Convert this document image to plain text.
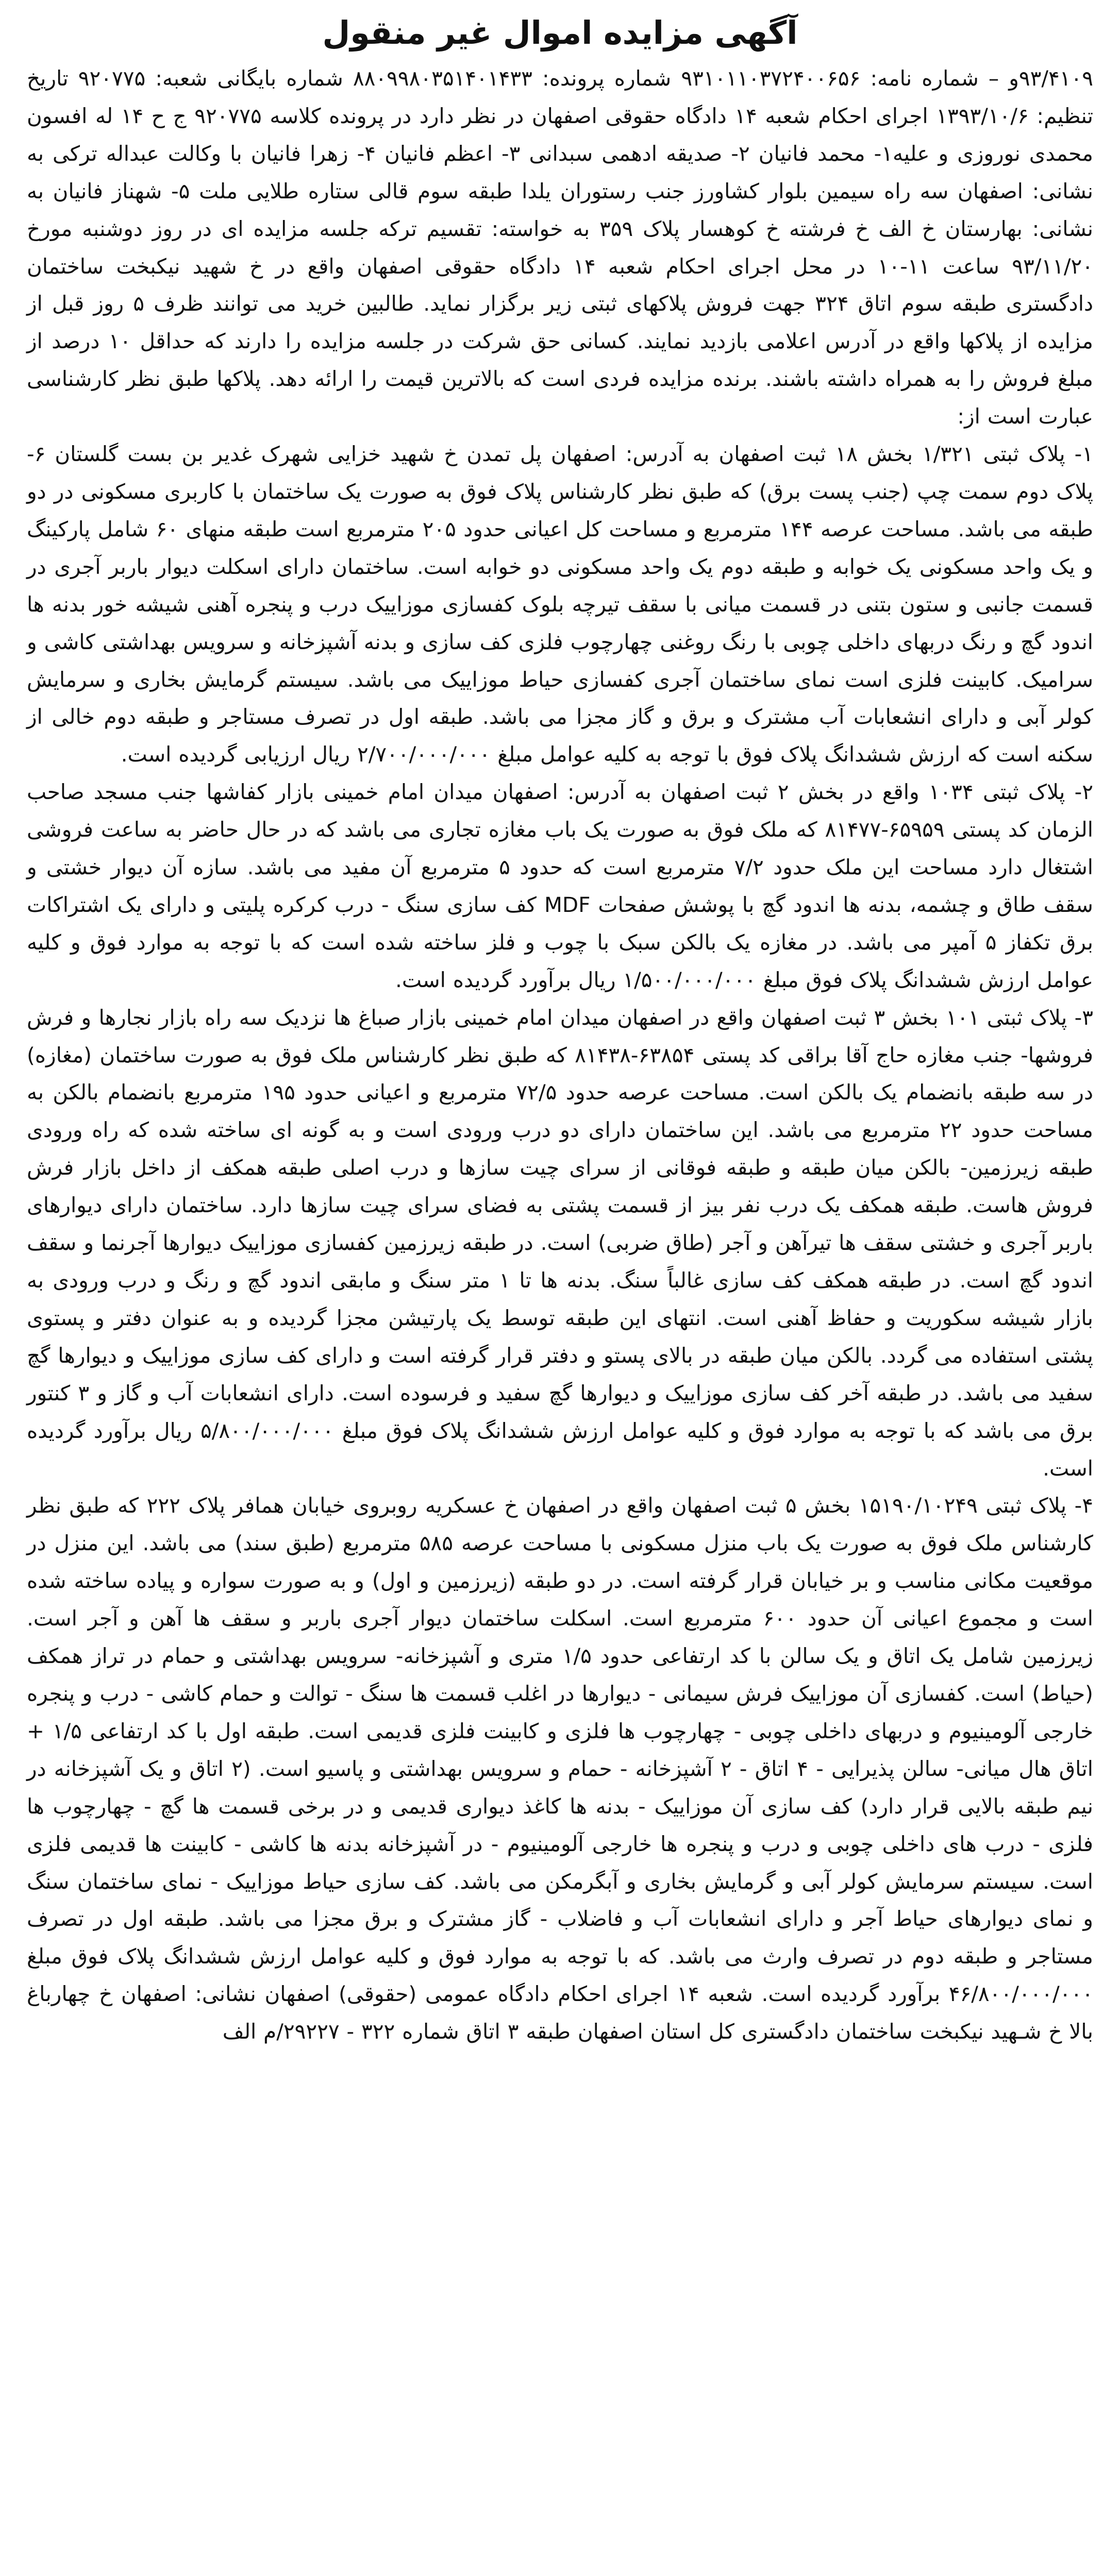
آگهی مزایده اموال غیر منقول

۹۳/۴۱۰۹و – شماره نامه: ۹۳۱۰۱۱۰۳۷۲۴۰۰۶۵۶ شماره پرونده: ۸۸۰۹۹۸۰۳۵۱۴۰۱۴۳۳ شماره بایگانی شعبه: ۹۲۰۷۷۵ تاریخ تنظیم: ۱۳۹۳/۱۰/۶ اجرای احکام شعبه ۱۴ دادگاه حقوقی اصفهان در نظر دارد در پرونده کلاسه ۹۲۰۷۷۵ ج ح ۱۴ له افسون محمدی نوروزی و علیه۱- محمد فانیان ۲- صدیقه ادهمی سبدانی ۳- اعظم فانیان ۴- زهرا فانیان با وکالت عبداله ترکی به نشانی: اصفهان سه راه سیمین بلوار کشاورز جنب رستوران یلدا طبقه سوم قالی ستاره طلایی ملت ۵- شهناز فانیان به نشانی: بهارستان خ الف خ فرشته خ کوهسار پلاک ۳۵۹ به خواسته: تقسیم ترکه جلسه مزایده ای در روز دوشنبه مورخ ۹۳/۱۱/۲۰ ساعت ۱۱-۱۰ در محل اجرای احکام شعبه ۱۴ دادگاه حقوقی اصفهان واقع در خ شهید نیکبخت ساختمان دادگستری طبقه سوم اتاق ۳۲۴ جهت فروش پلاکهای ثبتی زیر برگزار نماید. طالبین خرید می توانند ظرف ۵ روز قبل از مزایده از پلاکها واقع در آدرس اعلامی بازدید نمایند. کسانی حق شرکت در جلسه مزایده را دارند که حداقل ۱۰ درصد از مبلغ فروش را به همراه داشته باشند. برنده مزایده فردی است که بالاترین قیمت را ارائه دهد. پلاکها طبق نظر کارشناسی عبارت است از:

۱- پلاک ثبتی ۱/۳۲۱ بخش ۱۸ ثبت اصفهان به آدرس: اصفهان پل تمدن خ شهید خزایی شهرک غدیر بن بست گلستان ۶- پلاک دوم سمت چپ (جنب پست برق) که طبق نظر کارشناس پلاک فوق به صورت یک ساختمان با کاربری مسکونی در دو طبقه می باشد. مساحت عرصه ۱۴۴ مترمربع و مساحت کل اعیانی حدود ۲۰۵ مترمربع است طبقه منهای ۶۰ شامل پارکینگ و یک واحد مسکونی یک خوابه و طبقه دوم یک واحد مسکونی دو خوابه است. ساختمان دارای اسکلت دیوار باربر آجری در قسمت جانبی و ستون بتنی در قسمت میانی با سقف تیرچه بلوک کفسازی موزاییک درب و پنجره آهنی شیشه خور بدنه ها اندود گچ و رنگ دربهای داخلی چوبی با رنگ روغنی چهارچوب فلزی کف سازی و بدنه آشپزخانه و سرویس بهداشتی کاشی و سرامیک. کابینت فلزی است نمای ساختمان آجری کفسازی حیاط موزاییک می باشد. سیستم گرمایش بخاری و سرمایش کولر آبی و دارای انشعابات آب مشترک و برق و گاز مجزا می باشد. طبقه اول در تصرف مستاجر و طبقه دوم خالی از سکنه است که ارزش ششدانگ پلاک فوق با توجه به کلیه عوامل مبلغ ۲/۷۰۰/۰۰۰/۰۰۰ ریال ارزیابی گردیده است.

۲- پلاک ثبتی ۱۰۳۴ واقع در بخش ۲ ثبت اصفهان به آدرس: اصفهان میدان امام خمینی بازار کفاشها جنب مسجد صاحب الزمان کد پستی ۶۵۹۵۹-۸۱۴۷۷ که ملک فوق به صورت یک باب مغازه تجاری می باشد که در حال حاضر به ساعت فروشی اشتغال دارد مساحت این ملک حدود ۷/۲ مترمربع است که حدود ۵ مترمربع آن مفید می باشد. سازه آن دیوار خشتی و سقف طاق و چشمه، بدنه ها اندود گچ با پوشش صفحات MDF کف سازی سنگ - درب کرکره پلیتی و دارای یک اشتراکات برق تکفاز ۵ آمپر می باشد. در مغازه یک بالکن سبک با چوب و فلز ساخته شده است که با توجه به موارد فوق و کلیه عوامل ارزش ششدانگ پلاک فوق مبلغ ۱/۵۰۰/۰۰۰/۰۰۰ ریال برآورد گردیده است.

۳- پلاک ثبتی ۱۰۱ بخش ۳ ثبت اصفهان واقع در اصفهان میدان امام خمینی بازار صباغ ها نزدیک سه راه بازار نجارها و فرش فروشها- جنب مغازه حاج آقا براقی کد پستی ۶۳۸۵۴-۸۱۴۳۸ که طبق نظر کارشناس ملک فوق به صورت ساختمان (مغازه) در سه طبقه بانضمام یک بالکن است. مساحت عرصه حدود ۷۲/۵ مترمربع و اعیانی حدود ۱۹۵ مترمربع بانضمام بالکن به مساحت حدود ۲۲ مترمربع می باشد. این ساختمان دارای دو درب ورودی است و به گونه ای ساخته شده که راه ورودی طبقه زیرزمین- بالکن میان طبقه و طبقه فوقانی از سرای چیت سازها و درب اصلی طبقه همکف از داخل بازار فرش فروش هاست. طبقه همکف یک درب نفر بیز از قسمت پشتی به فضای سرای چیت سازها دارد. ساختمان دارای دیوارهای باربر آجری و خشتی سقف ها تیرآهن و آجر (طاق ضربی) است. در طبقه زیرزمین کفسازی موزاییک دیوارها آجرنما و سقف اندود گچ است. در طبقه همکف کف سازی غالباً سنگ. بدنه ها تا ۱ متر سنگ و مابقی اندود گچ و رنگ و درب ورودی به بازار شیشه سکوریت و حفاظ آهنی است. انتهای این طبقه توسط یک پارتیشن مجزا گردیده و به عنوان دفتر و پستوی پشتی استفاده می گردد. بالکن میان طبقه در بالای پستو و دفتر قرار گرفته است و دارای کف سازی موزاییک و دیوارها گچ سفید می باشد. در طبقه آخر کف سازی موزاییک و دیوارها گچ سفید و فرسوده است. دارای انشعابات آب و گاز و ۳ کنتور برق می باشد که با توجه به موارد فوق و کلیه عوامل ارزش ششدانگ پلاک فوق مبلغ ۵/۸۰۰/۰۰۰/۰۰۰ ریال برآورد گردیده است.

۴- پلاک ثبتی ۱۵۱۹۰/۱۰۲۴۹ بخش ۵ ثبت اصفهان واقع در اصفهان خ عسکریه روبروی خیابان همافر پلاک ۲۲۲ که طبق نظر کارشناس ملک فوق به صورت یک باب منزل مسکونی با مساحت عرصه ۵۸۵ مترمربع (طبق سند) می باشد. این منزل در موقعیت مکانی مناسب و بر خیابان قرار گرفته است. در دو طبقه (زیرزمین و اول) و به صورت سواره و پیاده ساخته شده است و مجموع اعیانی آن حدود ۶۰۰ مترمربع است. اسکلت ساختمان دیوار آجری باربر و سقف ها آهن و آجر است. زیرزمین شامل یک اتاق و یک سالن با کد ارتفاعی حدود ۱/۵ متری و آشپزخانه- سرویس بهداشتی و حمام در تراز همکف (حیاط) است. کفسازی آن موزاییک فرش سیمانی - دیوارها در اغلب قسمت ها سنگ - توالت و حمام کاشی - درب و پنجره خارجی آلومینیوم و دربهای داخلی چوبی - چهارچوب ها فلزی و کابینت فلزی قدیمی است. طبقه اول با کد ارتفاعی ۱/۵ + اتاق هال میانی- سالن پذیرایی - ۴ اتاق - ۲ آشپزخانه - حمام و سرویس بهداشتی و پاسیو است. (۲ اتاق و یک آشپزخانه در نیم طبقه بالایی قرار دارد) کف سازی آن موزاییک - بدنه ها کاغذ دیواری قدیمی و در برخی قسمت ها گچ - چهارچوب ها فلزی - درب های داخلی چوبی و درب و پنجره ها خارجی آلومینیوم - در آشپزخانه بدنه ها کاشی - کابینت ها قدیمی فلزی است. سیستم سرمایش کولر آبی و گرمایش بخاری و آبگرمکن می باشد. کف سازی حیاط موزاییک - نمای ساختمان سنگ و نمای دیوارهای حیاط آجر و دارای انشعابات آب و فاضلاب - گاز مشترک و برق مجزا می باشد. طبقه اول در تصرف مستاجر و طبقه دوم در تصرف وارث می باشد. که با توجه به موارد فوق و کلیه عوامل ارزش ششدانگ پلاک فوق مبلغ ۴۶/۸۰۰/۰۰۰/۰۰۰ برآورد گردیده است. شعبه ۱۴ اجرای احکام دادگاه عمومی (حقوقی) اصفهان نشانی: اصفهان خ چهارباغ بالا خ شـهید نیکبخت ساختمان دادگستری کل استان اصفهان طبقه ۳ اتاق شماره ۳۲۲ - ۲۹۲۲۷/م الف
